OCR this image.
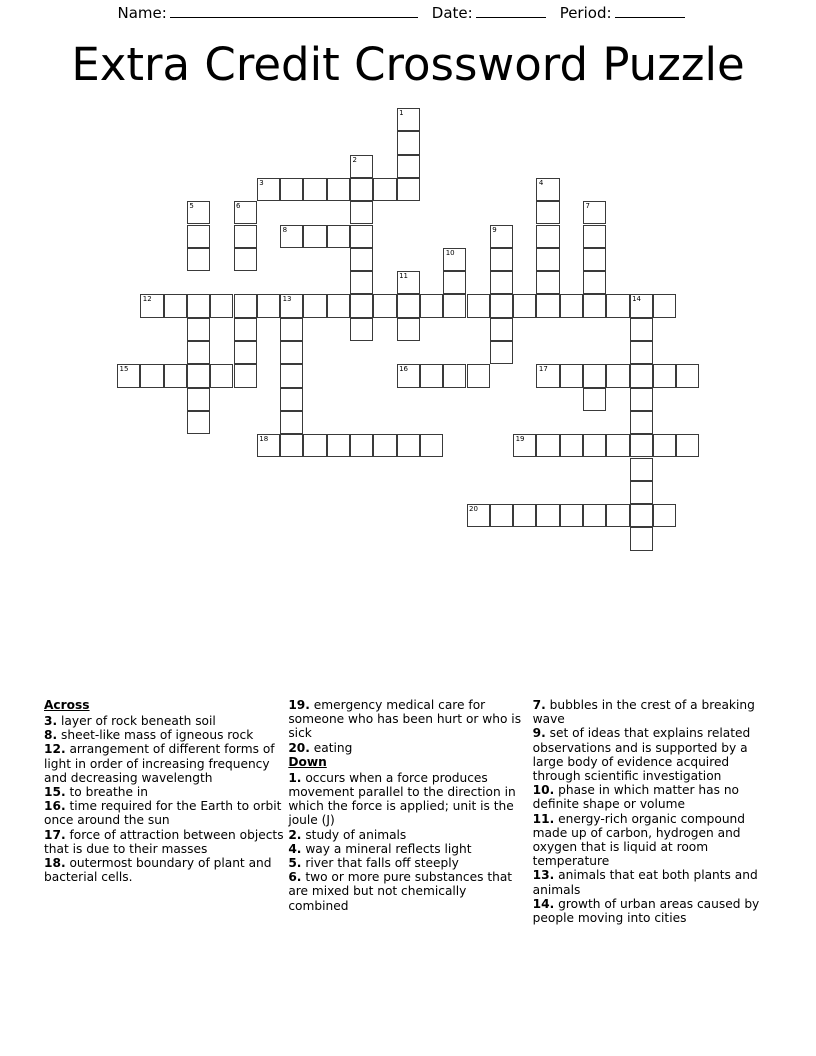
Name:	Date:	Period:
Extra Credit Crossword Puzzle
1
2
3	4
5	6	7
8	9
10
11
12	13	14
15	16	17
18	19
20
Across
3. layer of rock beneath soil
8. sheet-like mass of igneous rock
12. arrangement of different forms of light in order of increasing frequency and decreasing wavelength
15. to breathe in
16. time required for the Earth to orbit once around the sun
17. force of attraction between objects that is due to their masses
18. outermost boundary of plant and bacterial cells.
19. emergency medical care for someone who has been hurt or who is sick
20. eating
Down
1. occurs when a force produces movement parallel to the direction in which the force is applied; unit is the joule (J)
2. study of animals
4. way a mineral reflects light
5. river that falls off steeply
6. two or more pure substances that are mixed but not chemically combined
7. bubbles in the crest of a breaking wave
9. set of ideas that explains related observations and is supported by a large body of evidence acquired through scientific investigation
10. phase in which matter has no definite shape or volume
11. energy-rich organic compound made up of carbon, hydrogen and oxygen that is liquid at room temperature
13. animals that eat both plants and animals
14. growth of urban areas caused by people moving into cities
